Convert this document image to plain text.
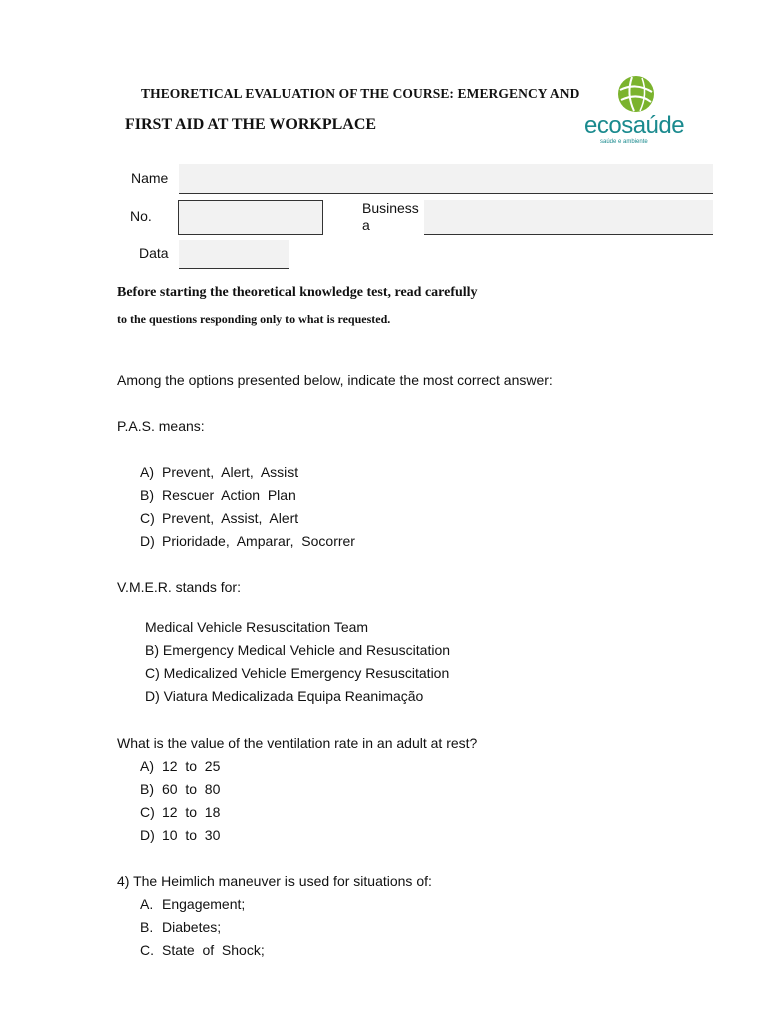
THEORETICAL EVALUATION OF THE COURSE: EMERGENCY AND
FIRST AID AT THE WORKPLACE	ecosaúde
saúde e ambiente
Name
No.	Business
a
Data
Before starting the theoretical knowledge test, read carefully
to the questions responding only to what is requested.
Among the options presented below, indicate the most correct answer:
P.A.S. means:
A) Prevent,  Alert,  Assist
B) Rescuer  Action  Plan
C) Prevent,  Assist,  Alert
D) Prioridade,  Amparar,  Socorrer
V.M.E.R. stands for:
Medical Vehicle Resuscitation Team
B) Emergency Medical Vehicle and Resuscitation
C) Medicalized Vehicle Emergency Resuscitation
D) Viatura Medicalizada Equipa Reanimação
What is the value of the ventilation rate in an adult at rest?
A) 12  to  25
B) 60  to  80
C) 12  to  18
D) 10  to  30
4) The Heimlich maneuver is used for situations of:
A. Engagement;
B. Diabetes;
C. State  of  Shock;
